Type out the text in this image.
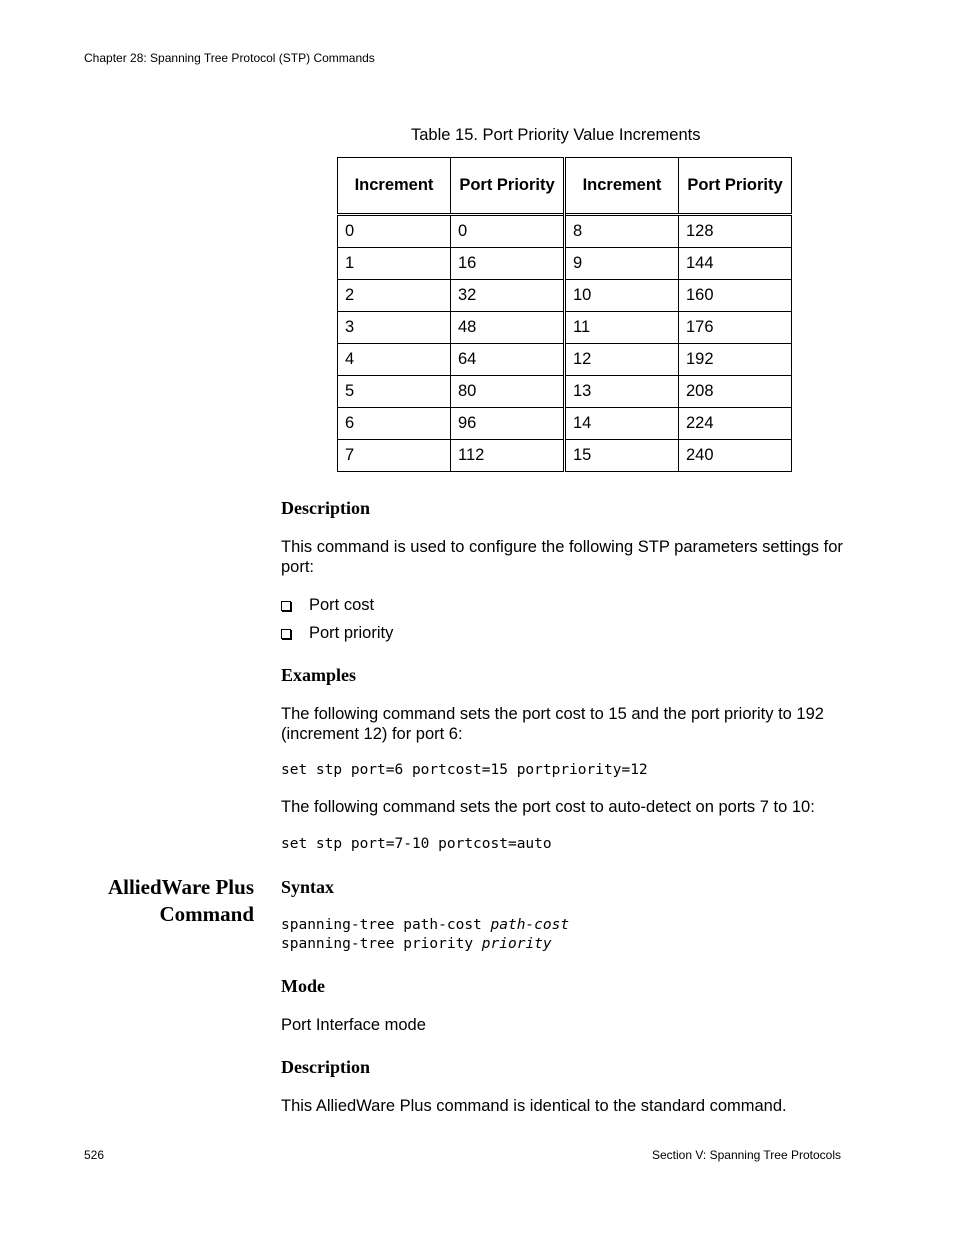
Chapter 28: Spanning Tree Protocol (STP) Commands
Table 15. Port Priority Value Increments
Increment	Port Priority	Increment	Port Priority
0	0	8	128
1	16	9	144
2	32	10	160
3	48	11	176
4	64	12	192
5	80	13	208
6	96	14	224
7	112	15	240
Description
This command is used to configure the following STP parameters settings for port:
Port cost
Port priority
Examples
The following command sets the port cost to 15 and the port priority to 192 (increment 12) for port 6:
set stp port=6 portcost=15 portpriority=12
The following command sets the port cost to auto-detect on ports 7 to 10:
set stp port=7-10 portcost=auto
AlliedWare Plus
Command
Syntax
spanning-tree path-cost path-cost
spanning-tree priority priority
Mode
Port Interface mode
Description
This AlliedWare Plus command is identical to the standard command.
526	Section V: Spanning Tree Protocols
